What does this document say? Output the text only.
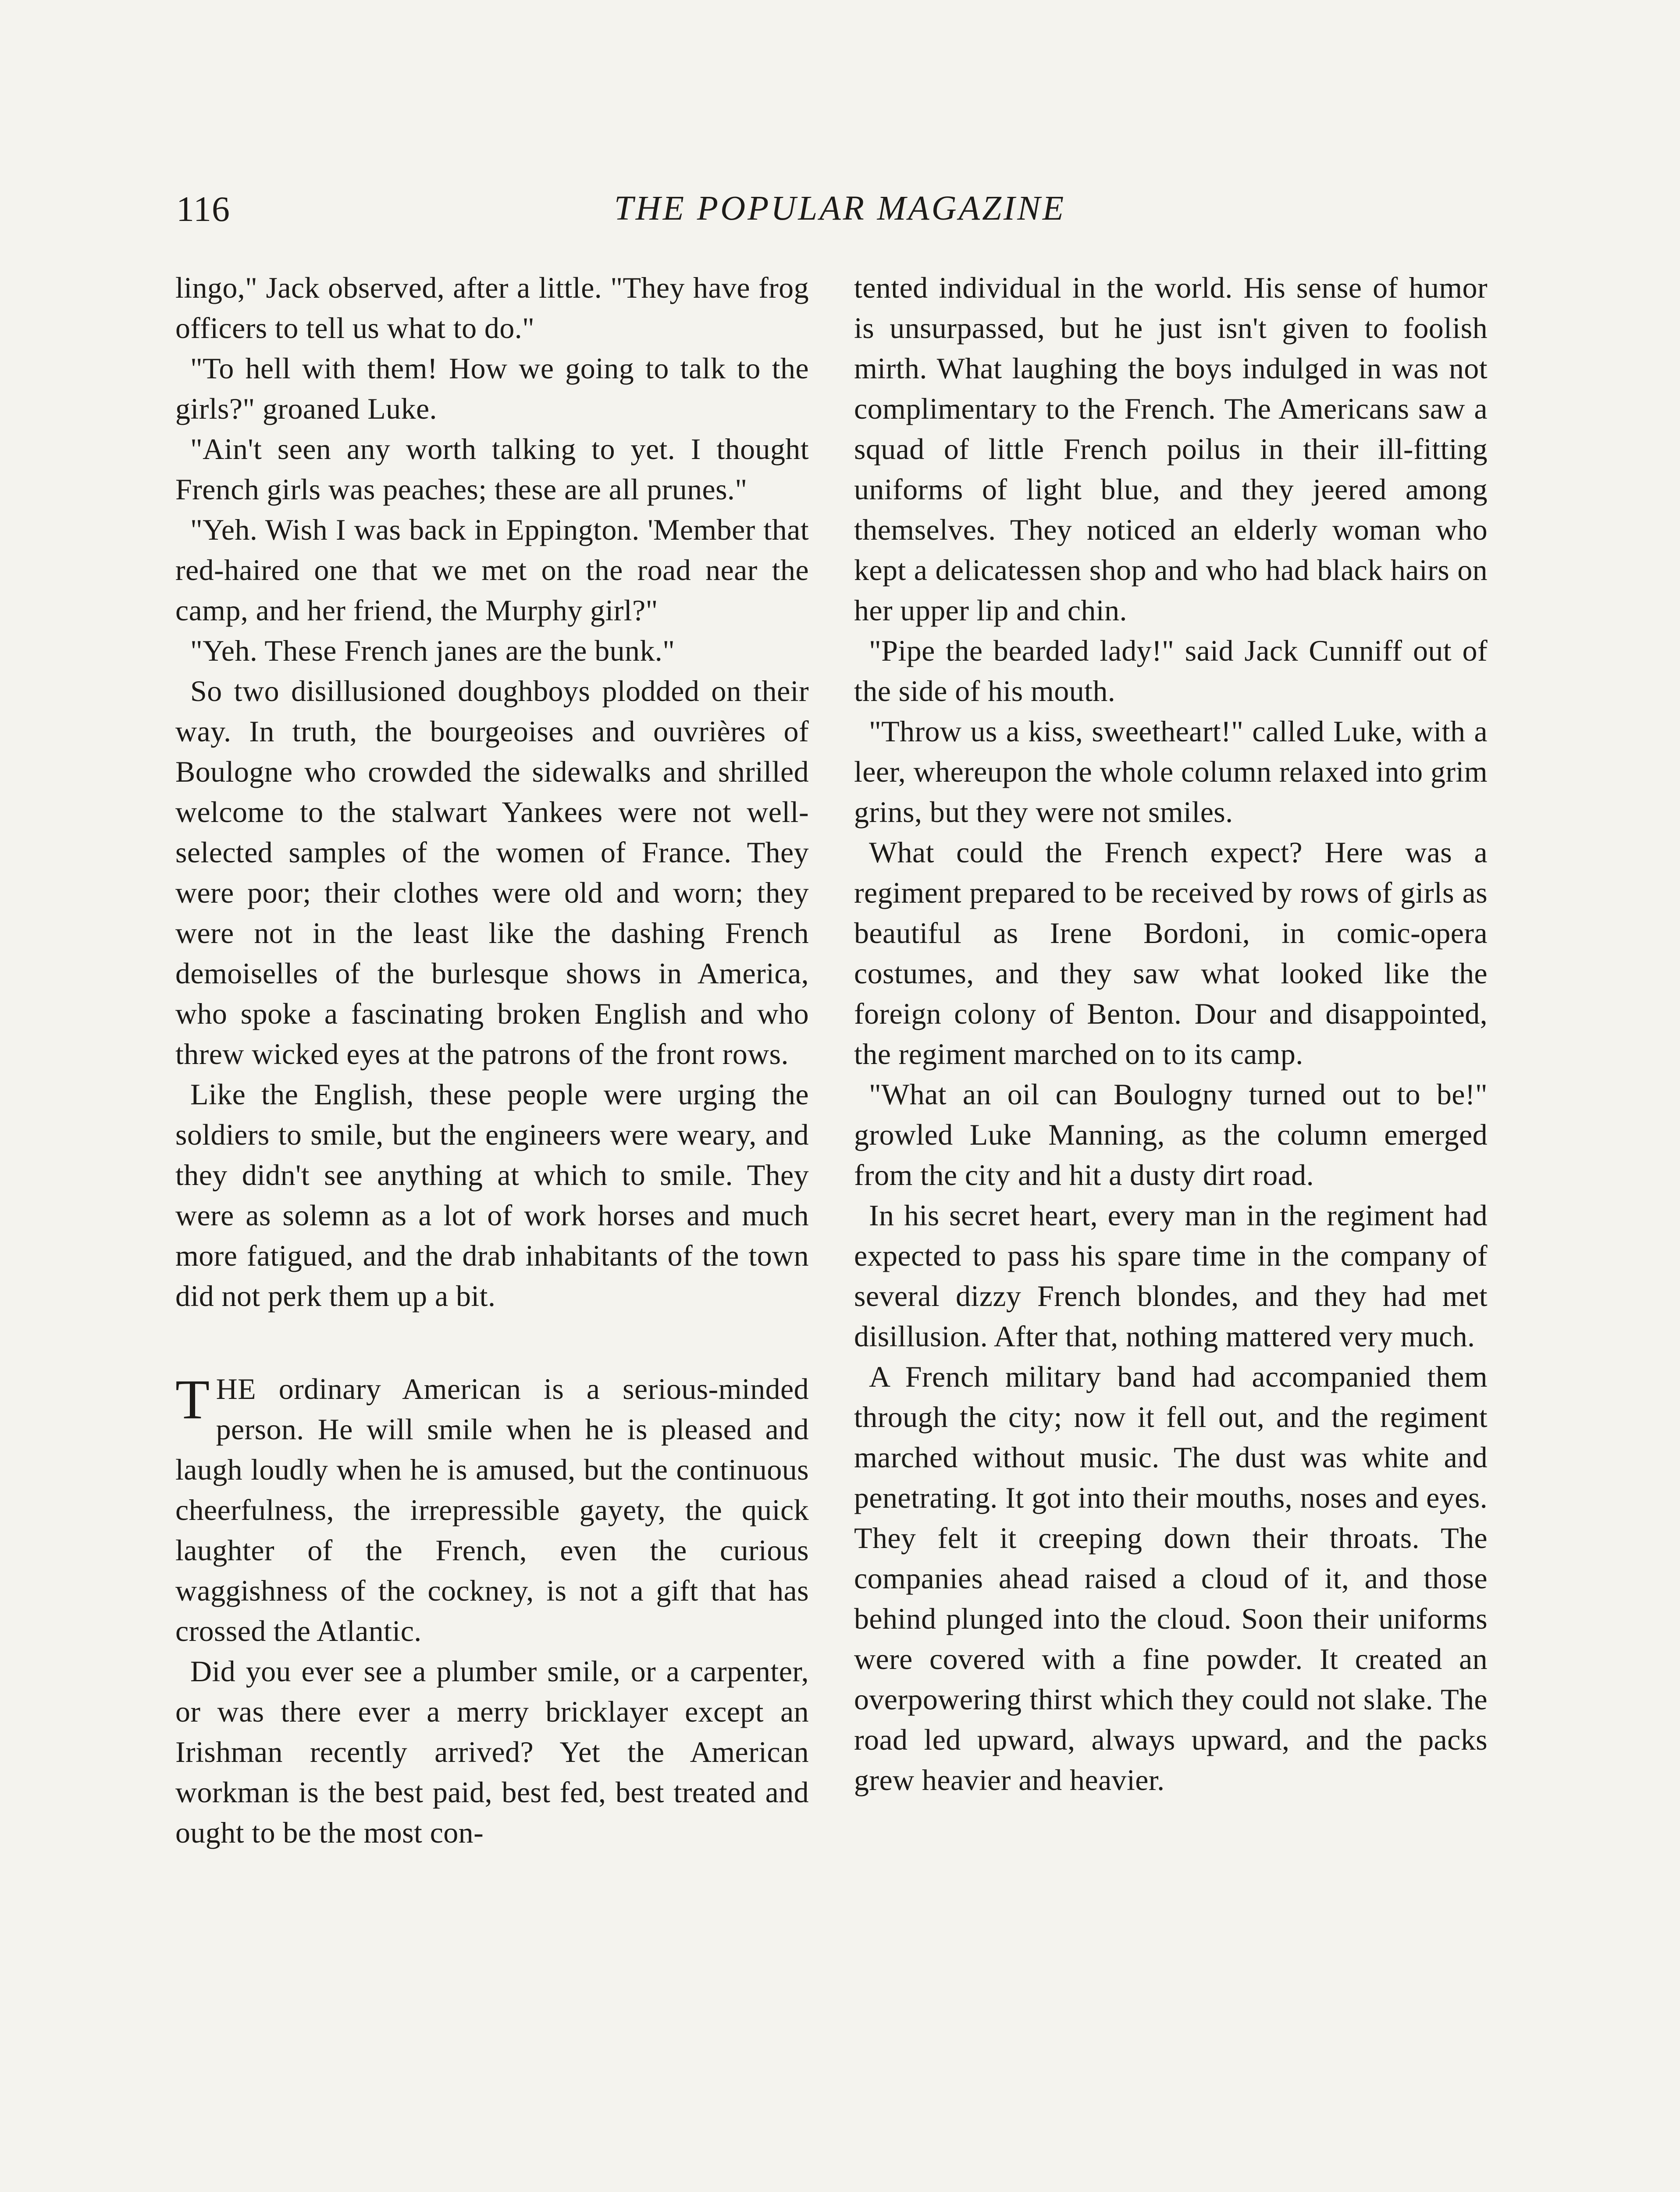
116	THE POPULAR MAGAZINE

lingo," Jack observed, after a little. "They have frog officers to tell us what to do."

"To hell with them! How we going to talk to the girls?" groaned Luke.

"Ain't seen any worth talking to yet. I thought French girls was peaches; these are all prunes."

"Yeh. Wish I was back in Eppington. 'Member that red-haired one that we met on the road near the camp, and her friend, the Murphy girl?"

"Yeh. These French janes are the bunk."

So two disillusioned doughboys plodded on their way. In truth, the bourgeoises and ouvrières of Boulogne who crowded the sidewalks and shrilled welcome to the stalwart Yankees were not well-selected samples of the women of France. They were poor; their clothes were old and worn; they were not in the least like the dashing French demoiselles of the burlesque shows in America, who spoke a fascinating broken English and who threw wicked eyes at the patrons of the front rows.

Like the English, these people were urging the soldiers to smile, but the engineers were weary, and they didn't see anything at which to smile. They were as solemn as a lot of work horses and much more fatigued, and the drab inhabitants of the town did not perk them up a bit.

T HE ordinary American is a serious-minded person. He will smile when he is pleased and laugh loudly when he is amused, but the continuous cheerfulness, the irrepressible gayety, the quick laughter of the French, even the curious waggishness of the cockney, is not a gift that has crossed the Atlantic.

Did you ever see a plumber smile, or a carpenter, or was there ever a merry bricklayer except an Irishman recently arrived? Yet the American workman is the best paid, best fed, best treated and ought to be the most con-

tented individual in the world. His sense of humor is unsurpassed, but he just isn't given to foolish mirth. What laughing the boys indulged in was not complimentary to the French. The Americans saw a squad of little French poilus in their ill-fitting uniforms of light blue, and they jeered among themselves. They noticed an elderly woman who kept a delicatessen shop and who had black hairs on her upper lip and chin.

"Pipe the bearded lady!" said Jack Cunniff out of the side of his mouth.

"Throw us a kiss, sweetheart!" called Luke, with a leer, whereupon the whole column relaxed into grim grins, but they were not smiles.

What could the French expect? Here was a regiment prepared to be received by rows of girls as beautiful as Irene Bordoni, in comic-opera costumes, and they saw what looked like the foreign colony of Benton. Dour and disappointed, the regiment marched on to its camp.

"What an oil can Boulogny turned out to be!" growled Luke Manning, as the column emerged from the city and hit a dusty dirt road.

In his secret heart, every man in the regiment had expected to pass his spare time in the company of several dizzy French blondes, and they had met disillusion. After that, nothing mattered very much.

A French military band had accompanied them through the city; now it fell out, and the regiment marched without music. The dust was white and penetrating. It got into their mouths, noses and eyes. They felt it creeping down their throats. The companies ahead raised a cloud of it, and those behind plunged into the cloud. Soon their uniforms were covered with a fine powder. It created an overpowering thirst which they could not slake. The road led upward, always upward, and the packs grew heavier and heavier.
